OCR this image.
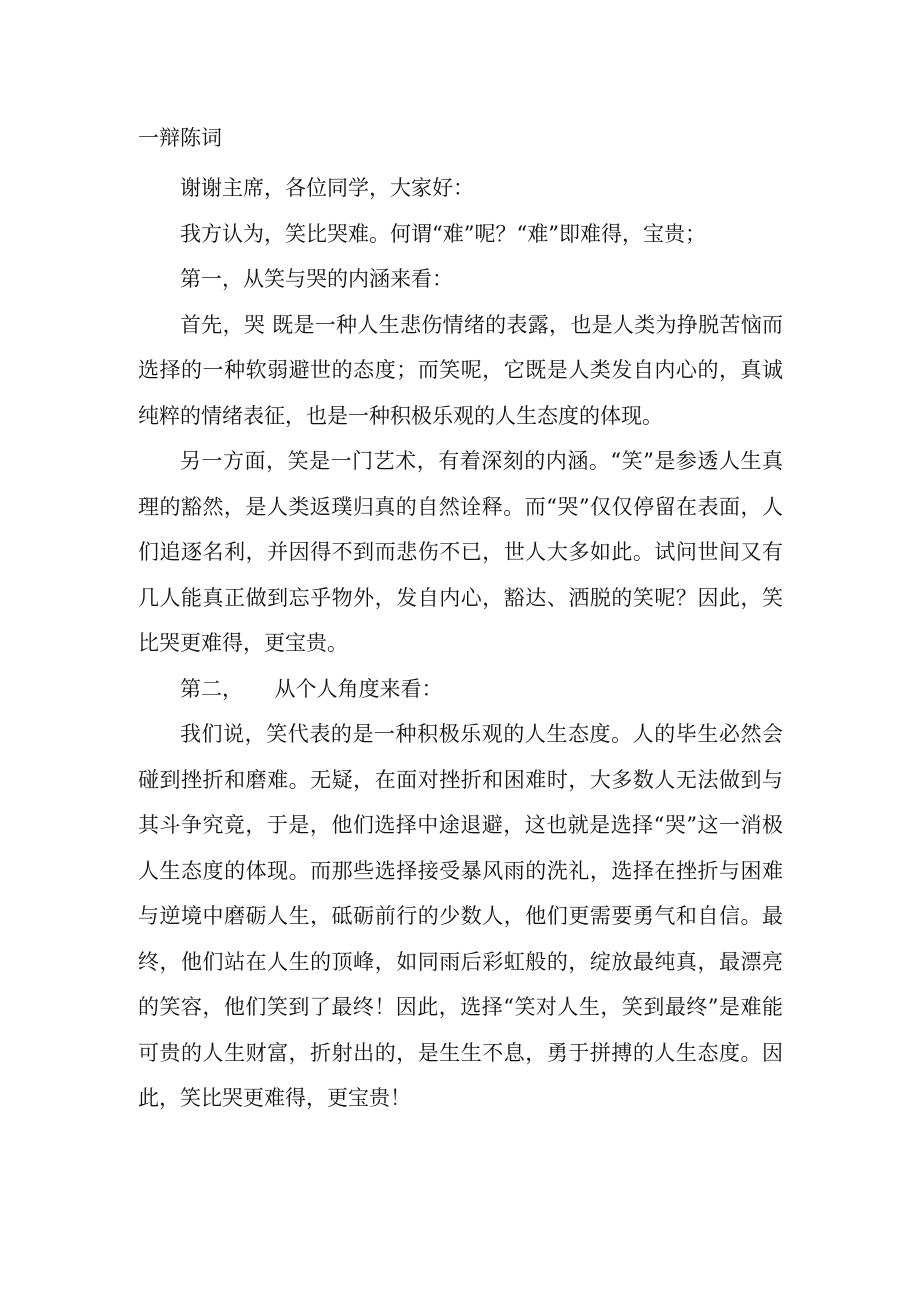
一辩陈词

谢谢主席，各位同学，大家好：

我方认为，笑比哭难。何谓“难”呢？“难”即难得，宝贵；

第一，从笑与哭的内涵来看：

首先，哭 既是一种人生悲伤情绪的表露，也是人类为挣脱苦恼而选择的一种软弱避世的态度；而笑呢，它既是人类发自内心的，真诚纯粹的情绪表征，也是一种积极乐观的人生态度的体现。

另一方面，笑是一门艺术，有着深刻的内涵。“笑”是参透人生真理的豁然，是人类返璞归真的自然诠释。而“哭”仅仅停留在表面，人们追逐名利，并因得不到而悲伤不已，世人大多如此。试问世间又有几人能真正做到忘乎物外，发自内心，豁达、洒脱的笑呢？因此，笑比哭更难得，更宝贵。

第二，　　从个人角度来看：

我们说，笑代表的是一种积极乐观的人生态度。人的毕生必然会碰到挫折和磨难。无疑，在面对挫折和困难时，大多数人无法做到与其斗争究竟，于是，他们选择中途退避，这也就是选择“哭”这一消极人生态度的体现。而那些选择接受暴风雨的洗礼，选择在挫折与困难与逆境中磨砺人生，砥砺前行的少数人，他们更需要勇气和自信。最终，他们站在人生的顶峰，如同雨后彩虹般的，绽放最纯真，最漂亮的笑容，他们笑到了最终！因此，选择“笑对人生，笑到最终”是难能可贵的人生财富，折射出的，是生生不息，勇于拼搏的人生态度。因此，笑比哭更难得，更宝贵！
